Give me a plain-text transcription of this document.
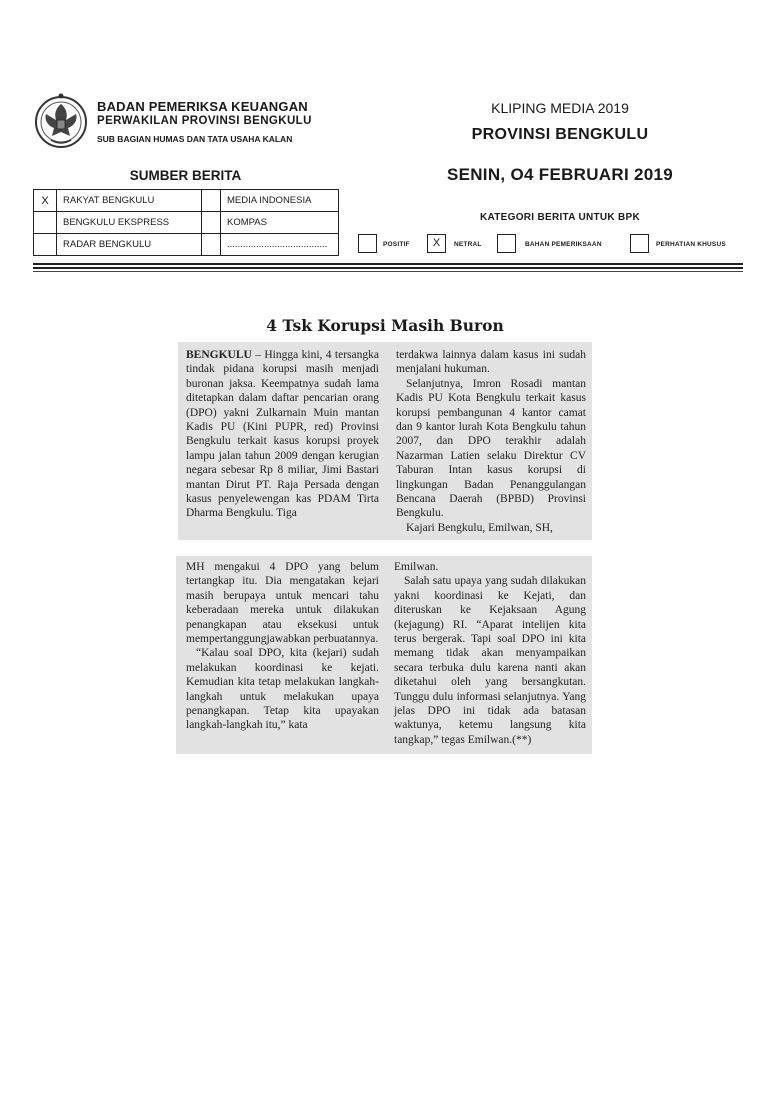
BADAN PEMERIKSA KEUANGAN
PERWAKILAN PROVINSI BENGKULU
SUB BAGIAN HUMAS DAN TATA USAHA KALAN
KLIPING MEDIA 2019
PROVINSI BENGKULU
SENIN, O4 FEBRUARI 2019
SUMBER BERITA
X	RAKYAT BENGKULU		MEDIA INDONESIA
	BENGKULU EKSPRESS		KOMPAS
	RADAR BENGKULU		......................................
KATEGORI BERITA UNTUK BPK
POSITIF	X	NETRAL	BAHAN PEMERIKSAAN	PERHATIAN KHUSUS
4 Tsk Korupsi Masih Buron

BENGKULU – Hingga kini, 4 tersangka tindak pidana korupsi masih menjadi buronan jaksa. Keempatnya sudah lama ditetapkan dalam daftar pencarian orang (DPO) yakni Zulkarnain Muin mantan Kadis PU (Kini PUPR, red) Provinsi Bengkulu terkait kasus korupsi proyek lampu jalan tahun 2009 dengan kerugian negara sebesar Rp 8 miliar, Jimi Bastari mantan Dirut PT. Raja Persada dengan kasus penyelewengan kas PDAM Tirta Dharma Bengkulu. Tiga

terdakwa lainnya dalam kasus ini sudah menjalani hukuman.

Selanjutnya, Imron Rosadi mantan Kadis PU Kota Bengkulu terkait kasus korupsi pembangunan 4 kantor camat dan 9 kantor lurah Kota Bengkulu tahun 2007, dan DPO terakhir adalah Nazarman Latien selaku Direktur CV Taburan Intan kasus korupsi di lingkungan Badan Penanggulangan Bencana Daerah (BPBD) Provinsi Bengkulu.

Kajari Bengkulu, Emilwan, SH,

MH mengakui 4 DPO yang belum tertangkap itu. Dia mengatakan kejari masih berupaya untuk mencari tahu keberadaan mereka untuk dilakukan penangkapan atau eksekusi untuk mempertanggungjawabkan perbuatannya.

“Kalau soal DPO, kita (kejari) sudah melakukan koordinasi ke kejati. Kemudian kita tetap melakukan langkah-langkah untuk melakukan upaya penangkapan. Tetap kita upayakan langkah-langkah itu,” kata

Emilwan.

Salah satu upaya yang sudah dilakukan yakni koordinasi ke Kejati, dan diteruskan ke Kejaksaan Agung (kejagung) RI. “Aparat intelijen kita terus bergerak. Tapi soal DPO ini kita memang tidak akan menyampaikan secara terbuka dulu karena nanti akan diketahui oleh yang bersangkutan. Tunggu dulu informasi selanjutnya. Yang jelas DPO ini tidak ada batasan waktunya, ketemu langsung kita tangkap,” tegas Emilwan.(**)
